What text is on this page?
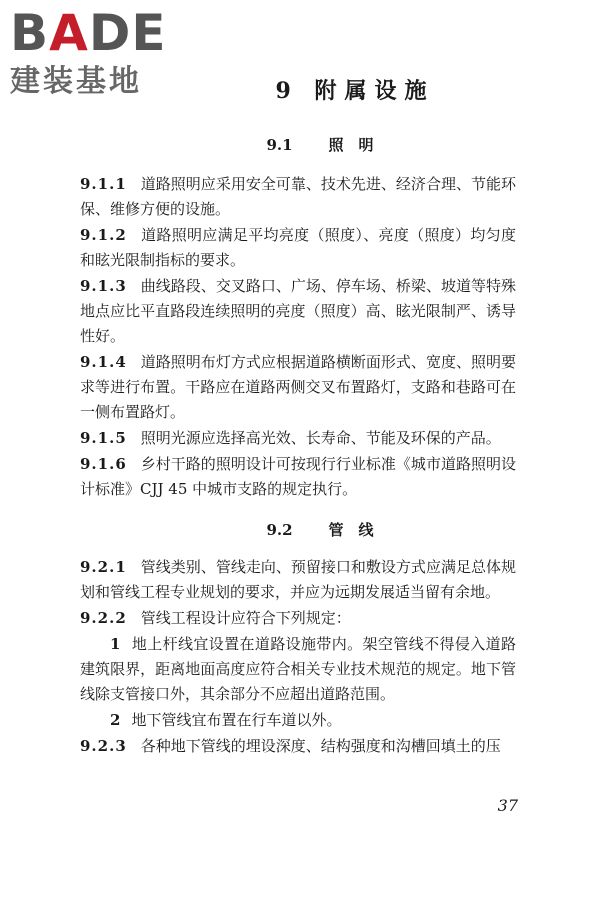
BADE
建装基地	9 附属设施
9.1 照　明

9.1.1 道路照明应采用安全可靠、技术先进、经济合理、节能环保、维修方便的设施。

9.1.2 道路照明应满足平均亮度（照度）、亮度（照度）均匀度和眩光限制指标的要求。

9.1.3 曲线路段、交叉路口、广场、停车场、桥梁、坡道等特殊地点应比平直路段连续照明的亮度（照度）高、眩光限制严、诱导性好。

9.1.4 道路照明布灯方式应根据道路横断面形式、宽度、照明要求等进行布置。干路应在道路两侧交叉布置路灯，支路和巷路可在一侧布置路灯。

9.1.5 照明光源应选择高光效、长寿命、节能及环保的产品。

9.1.6 乡村干路的照明设计可按现行行业标准《城市道路照明设计标准》CJJ 45 中城市支路的规定执行。

9.2 管　线

9.2.1 管线类别、管线走向、预留接口和敷设方式应满足总体规划和管线工程专业规划的要求，并应为远期发展适当留有余地。

9.2.2 管线工程设计应符合下列规定：

1 地上杆线宜设置在道路设施带内。架空管线不得侵入道路建筑限界，距离地面高度应符合相关专业技术规范的规定。地下管线除支管接口外，其余部分不应超出道路范围。

2 地下管线宜布置在行车道以外。

9.2.3 各种地下管线的埋设深度、结构强度和沟槽回填土的压

37
